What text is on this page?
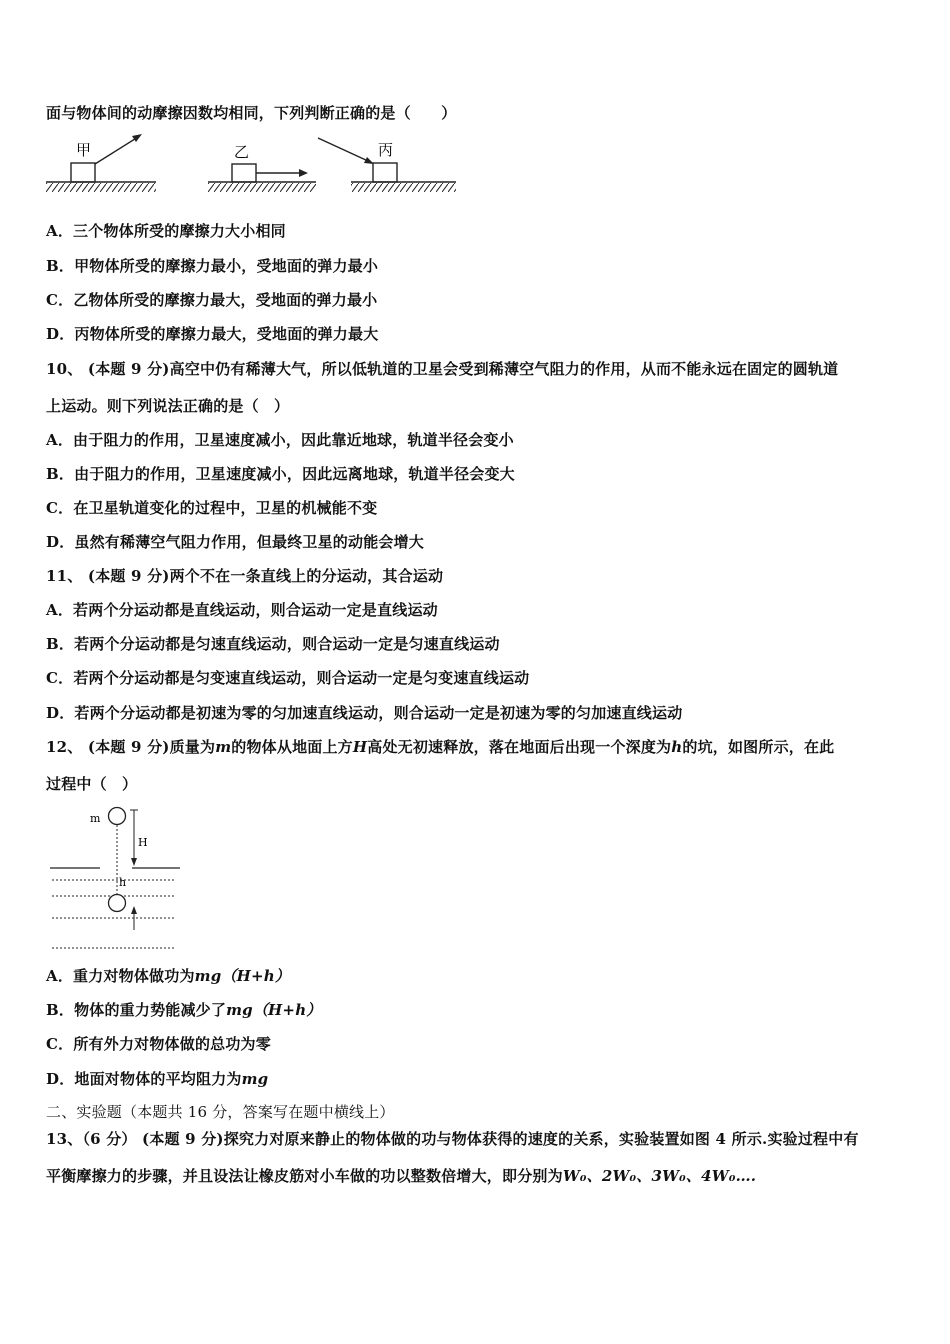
面与物体间的动摩擦因数均相同，下列判断正确的是（　　）
甲	乙	丙
A．三个物体所受的摩擦力大小相同
B．甲物体所受的摩擦力最小，受地面的弹力最小
C．乙物体所受的摩擦力最大，受地面的弹力最小
D．丙物体所受的摩擦力最大，受地面的弹力最大
10、 (本题 9 分)高空中仍有稀薄大气，所以低轨道的卫星会受到稀薄空气阻力的作用，从而不能永远在固定的圆轨道
上运动。则下列说法正确的是（　）
A．由于阻力的作用，卫星速度减小，因此靠近地球，轨道半径会变小
B．由于阻力的作用，卫星速度减小，因此远离地球，轨道半径会变大
C．在卫星轨道变化的过程中，卫星的机械能不变
D．虽然有稀薄空气阻力作用，但最终卫星的动能会增大
11、 (本题 9 分)两个不在一条直线上的分运动，其合运动
A．若两个分运动都是直线运动，则合运动一定是直线运动
B．若两个分运动都是匀速直线运动，则合运动一定是匀速直线运动
C．若两个分运动都是匀变速直线运动，则合运动一定是匀变速直线运动
D．若两个分运动都是初速为零的匀加速直线运动，则合运动一定是初速为零的匀加速直线运动
12、 (本题 9 分)质量为m的物体从地面上方H高处无初速释放，落在地面后出现一个深度为h的坑，如图所示，在此
过程中（　）
m
H
h
A．重力对物体做功为mg（H+h）
B．物体的重力势能减少了mg（H+h）
C．所有外力对物体做的总功为零
D．地面对物体的平均阻力为mg
二、实验题（本题共 16 分，答案写在题中横线上）
13、（6 分） (本题 9 分)探究力对原来静止的物体做的功与物体获得的速度的关系，实验装置如图 4 所示.实验过程中有
平衡摩擦力的步骤，并且设法让橡皮筋对小车做的功以整数倍增大，即分别为W₀、2W₀、3W₀、4W₀….
